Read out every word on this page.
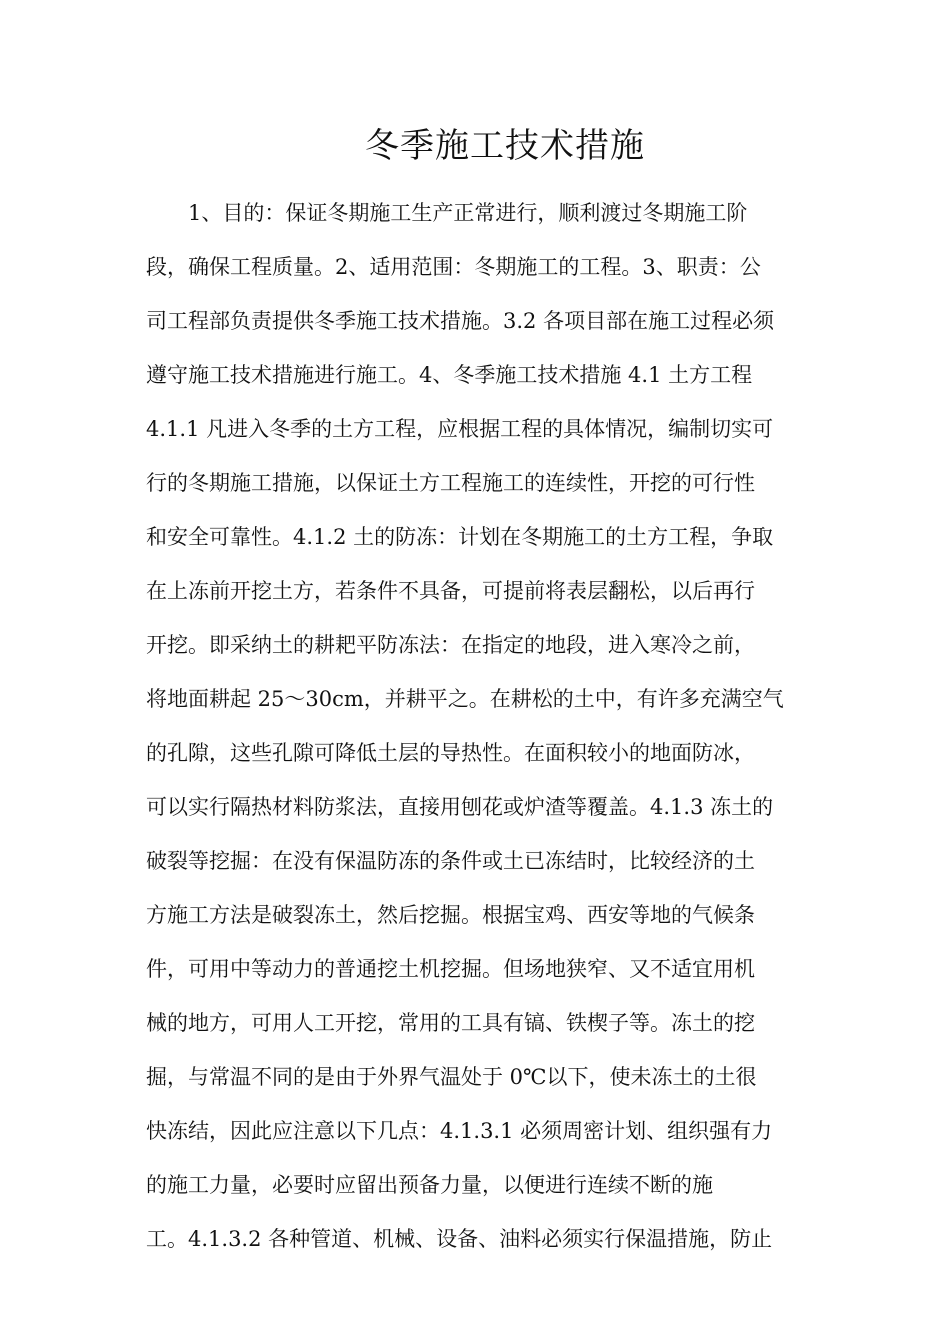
冬季施工技术措施
1、目的：保证冬期施工生产正常进行，顺利渡过冬期施工阶
段，确保工程质量。2、适用范围：冬期施工的工程。3、职责：公
司工程部负责提供冬季施工技术措施。3.2 各项目部在施工过程必须
遵守施工技术措施进行施工。4、冬季施工技术措施 4.1 土方工程
4.1.1 凡进入冬季的土方工程，应根据工程的具体情况，编制切实可
行的冬期施工措施，以保证土方工程施工的连续性，开挖的可行性
和安全可靠性。4.1.2 土的防冻：计划在冬期施工的土方工程，争取
在上冻前开挖土方，若条件不具备，可提前将表层翻松，以后再行
开挖。即采纳土的耕耙平防冻法：在指定的地段，进入寒冷之前，
将地面耕起 25～30cm，并耕平之。在耕松的土中，有许多充满空气
的孔隙，这些孔隙可降低土层的导热性。在面积较小的地面防冰，
可以实行隔热材料防浆法，直接用刨花或炉渣等覆盖。4.1.3 冻土的
破裂等挖掘：在没有保温防冻的条件或土已冻结时，比较经济的土
方施工方法是破裂冻土，然后挖掘。根据宝鸡、西安等地的气候条
件，可用中等动力的普通挖土机挖掘。但场地狭窄、又不适宜用机
械的地方，可用人工开挖，常用的工具有镐、铁楔子等。冻土的挖
掘，与常温不同的是由于外界气温处于 0℃以下，使未冻土的土很
快冻结，因此应注意以下几点：4.1.3.1 必须周密计划、组织强有力
的施工力量，必要时应留出预备力量，以便进行连续不断的施
工。4.1.3.2 各种管道、机械、设备、油料必须实行保温措施，防止
